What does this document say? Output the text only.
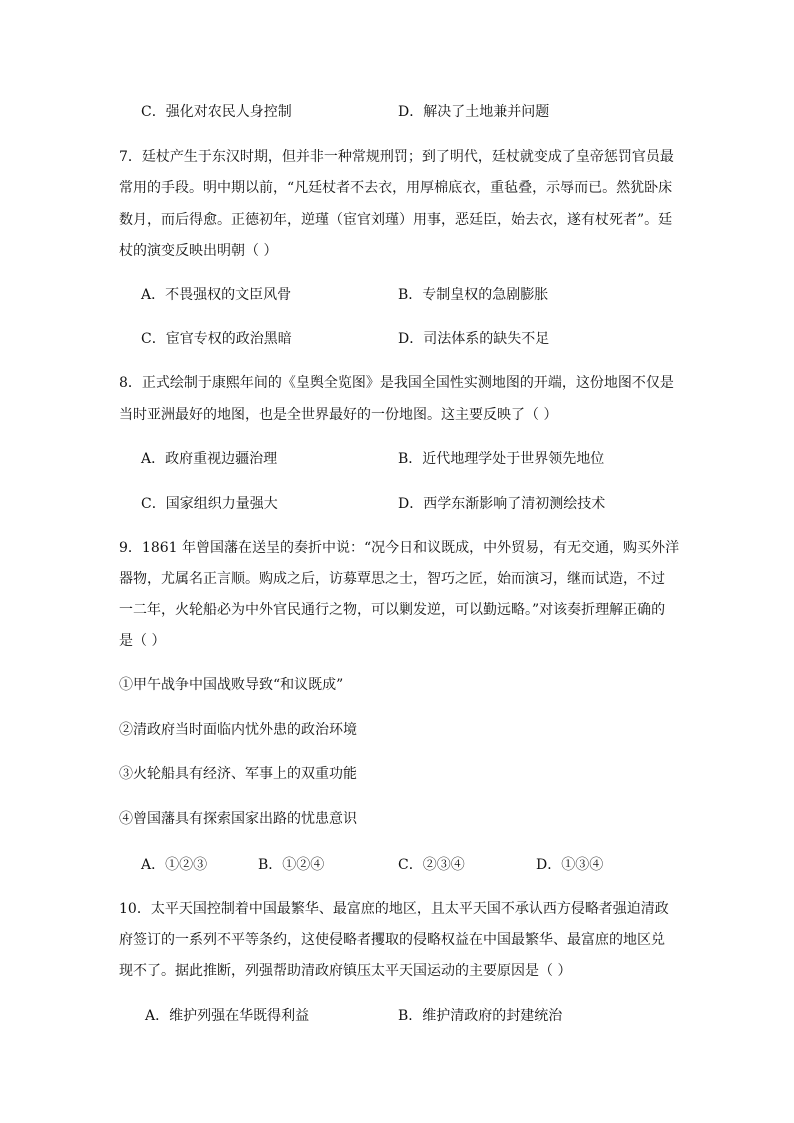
C．强化对农民人身控制	D．解决了土地兼并问题
7．廷杖产生于东汉时期，但并非一种常规刑罚；到了明代，廷杖就变成了皇帝惩罚官员最
常用的手段。明中期以前，“凡廷杖者不去衣，用厚棉底衣，重毡叠，示辱而已。然犹卧床
数月，而后得愈。正德初年，逆瑾（宦官刘瑾）用事，恶廷臣，始去衣，遂有杖死者”。廷
杖的演变反映出明朝（ ）
A．不畏强权的文臣风骨	B．专制皇权的急剧膨胀
C．宦官专权的政治黑暗	D．司法体系的缺失不足
8．正式绘制于康熙年间的《皇舆全览图》是我国全国性实测地图的开端，这份地图不仅是
当时亚洲最好的地图，也是全世界最好的一份地图。这主要反映了（ ）
A．政府重视边疆治理	B．近代地理学处于世界领先地位
C．国家组织力量强大	D．西学东渐影响了清初测绘技术
9．1861 年曾国藩在送呈的奏折中说：“况今日和议既成，中外贸易，有无交通，购买外洋
器物，尤属名正言顺。购成之后，访募覃思之士，智巧之匠，始而演习，继而试造，不过
一二年，火轮船必为中外官民通行之物，可以剿发逆，可以勤远略。”对该奏折理解正确的
是（ ）
①甲午战争中国战败导致“和议既成”
②清政府当时面临内忧外患的政治环境
③火轮船具有经济、军事上的双重功能
④曾国藩具有探索国家出路的忧患意识
A．①②③	B．①②④	C．②③④	D．①③④
10．太平天国控制着中国最繁华、最富庶的地区，且太平天国不承认西方侵略者强迫清政
府签订的一系列不平等条约，这使侵略者攫取的侵略权益在中国最繁华、最富庶的地区兑
现不了。据此推断，列强帮助清政府镇压太平天国运动的主要原因是（ ）
A．维护列强在华既得利益	B．维护清政府的封建统治
